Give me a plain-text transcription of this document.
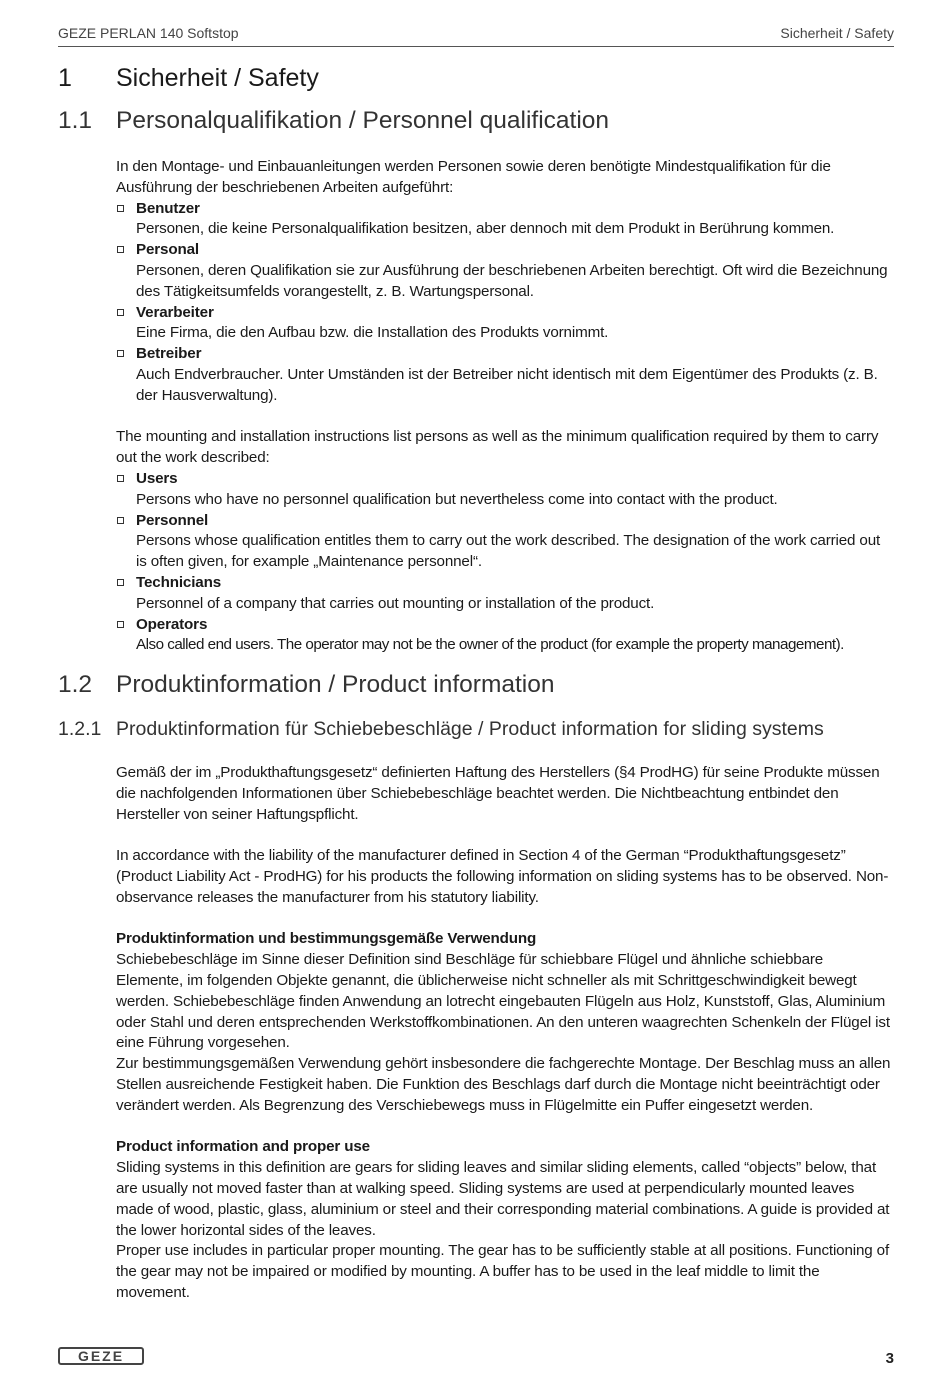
GEZE PERLAN 140 Softstop	Sicherheit / Safety
1 Sicherheit / Safety
1.1 Personalqualifikation / Personnel qualification

In den Montage- und Einbauanleitungen werden Personen sowie deren benötigte Mindestqualifikation für die Ausführung der beschriebenen Arbeiten aufgeführt:

Benutzer
Personen, die keine Personalqualifikation besitzen, aber dennoch mit dem Produkt in Berührung kommen.
Personal
Personen, deren Qualifikation sie zur Ausführung der beschriebenen Arbeiten berechtigt. Oft wird die Bezeichnung des Tätigkeitsumfelds vorangestellt, z. B. Wartungspersonal.
Verarbeiter
Eine Firma, die den Aufbau bzw. die Installation des Produkts vornimmt.
Betreiber
Auch Endverbraucher. Unter Umständen ist der Betreiber nicht identisch mit dem Eigentümer des Produkts (z. B. der Hausverwaltung).

The mounting and installation instructions list persons as well as the minimum qualification required by them to carry out the work described:

Users
Persons who have no personnel qualification but nevertheless come into contact with the product.
Personnel
Persons whose qualification entitles them to carry out the work described. The designation of the work carried out is often given, for example „Maintenance personnel“.
Technicians
Personnel of a company that carries out mounting or installation of the product.
Operators
Also called end users. The operator may not be the owner of the product (for example the property management).
1.2 Produktinformation / Product information
1.2.1 Produktinformation für Schiebebeschläge / Product information for sliding systems

Gemäß der im „Produkthaftungsgesetz“ definierten Haftung des Herstellers (§4 ProdHG) für seine Produkte müssen die nachfolgenden Informationen über Schiebebeschläge beachtet werden. Die Nichtbeachtung entbindet den Hersteller von seiner Haftungspflicht.

In accordance with the liability of the manufacturer defined in Section 4 of the German “Produkthaftungsgesetz” (Product Liability Act - ProdHG) for his products the following information on sliding systems has to be observed. Non-observance releases the manufacturer from his statutory liability.

Produktinformation und bestimmungsgemäße Verwendung

Schiebebeschläge im Sinne dieser Definition sind Beschläge für schiebbare Flügel und ähnliche schiebbare Elemente, im folgenden Objekte genannt, die üblicherweise nicht schneller als mit Schrittgeschwindigkeit bewegt werden. Schiebebeschläge finden Anwendung an lotrecht eingebauten Flügeln aus Holz, Kunststoff, Glas, Aluminium oder Stahl und deren entsprechenden Werkstoffkombinationen. An den unteren waagrechten Schenkeln der Flügel ist eine Führung vorgesehen.

Zur bestimmungsgemäßen Verwendung gehört insbesondere die fachgerechte Montage. Der Beschlag muss an allen Stellen ausreichende Festigkeit haben. Die Funktion des Beschlags darf durch die Montage nicht beeinträchtigt oder verändert werden. Als Begrenzung des Verschiebewegs muss in Flügelmitte ein Puffer eingesetzt werden.

Product information and proper use

Sliding systems in this definition are gears for sliding leaves and similar sliding elements, called “objects” below, that are usually not moved faster than at walking speed. Sliding systems are used at perpendicularly mounted leaves made of wood, plastic, glass, aluminium or steel and their corresponding material combinations. A guide is provided at the lower horizontal sides of the leaves.

Proper use includes in particular proper mounting. The gear has to be sufficiently stable at all positions. Functioning of the gear may not be impaired or modified by mounting. A buffer has to be used in the leaf middle to limit the movement.

GEZE	3
